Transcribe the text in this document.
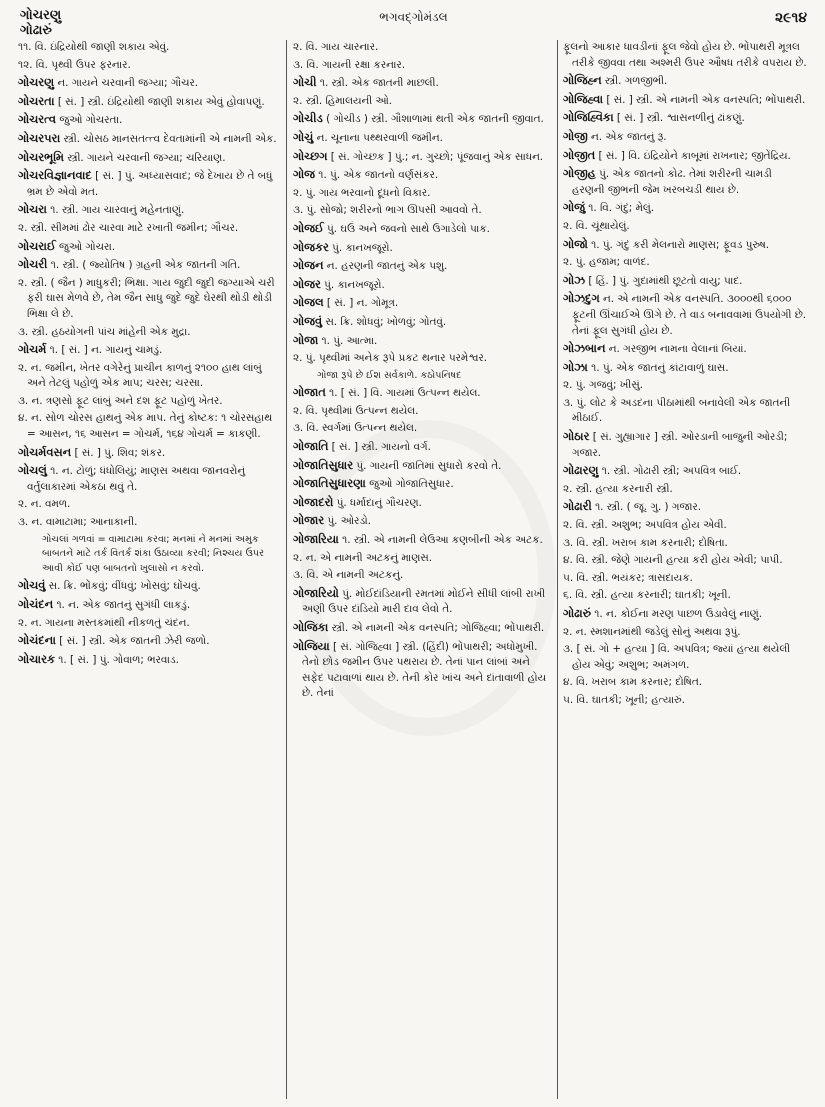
ગોચરણુ
ગોઢારું
ભગવદ્ગોમંડલ	૨૯૧૪
૧૧. વિ. ઇંદ્રિયોથી જાણી શકાય એવું.
૧૨. વિ. પૃથ્વી ઉપર ફરનાર.
ગોચરણુ ન. ગાયને ચરવાની જગ્યા; ગૌચર.
ગોચરતા [ સં. ] સ્ત્રી. ઇંદ્રિયોથી જાણી શકાય એવું હોવાપણું.
ગોચરત્વ જુઓ ગોચરતા.
ગોચરપરા સ્ત્રી. ચોસઠ માનસતત્ત્વ દેવતામાંની એ નામની એક.
ગોચરભૂમિ સ્ત્રી. ગાયને ચરવાની જગ્યા; ચરિયાણ.
ગોચરવિજ્ઞાનવાદ [ સં. ] પું. અધ્યાસવાદ; જે દેખાય છે તે બધું ભ્રમ છે એવો મત.
ગોચરા ૧. સ્ત્રી. ગાય ચારવાનું મહેનતાણું.
૨. સ્ત્રી. સીમમાં ઢોર ચારવા માટે રખાતી જમીન; ગૌચર.
ગોચરાઈ જુઓ ગોચરા.
ગોચરી ૧. સ્ત્રી. ( જ્યોતિષ ) ગ્રહની એક જાતની ગતિ.
૨. સ્ત્રી. ( જૈન ) માધુકરી; ભિક્ષા. ગાય જુદી જુદી જગ્યાએ ચરી ફરી ઘાસ મેળવે છે, તેમ જૈન સાધુ જુદે જુદે ઘેરથી થોડી થોડી ભિક્ષા લે છે.
૩. સ્ત્રી. હઠયોગની પાંચ માંહેની એક મુદ્રા.
ગોચર્મ ૧. [ સં. ] ન. ગાયનું ચામડું.
૨. ન. જમીન, ખેતર વગેરેનું પ્રાચીન કાળનું ૨૧૦૦ હાથ લાંબું અને તેટલું પહોળું એક માપ; ચરસ; ચરસા.
૩. ન. ત્રણસો ફૂટ લાંબું અને દશ ફૂટ પહોળું ખેતર.
૪. ન. સોળ ચોરસ હાથનું એક માપ. તેનું કોષ્ટક: ૧ ચોરસહાથ = આસન, ૧૬ આસન = ગોચર્મ, ૧૬૪ ગોચર્મ = કાકણી.
ગોચર્મવસન [ સં. ] પું. શિવ; શંકર.
ગોચલું ૧. ન. ટોળું; ધંધોલિયું; માણસ અથવા જાનવરોનું વર્તુલાકારમાં એકઠા થવું તે.
૨. ન. વમળ.
૩. ન. વામાટામા; આનાકાની.
ગોચલાં ગળવાં = વામાટામા કરવા; મનમાં ને મનમાં અમુક બાબતને માટે તર્ક વિતર્ક શંકા ઉઠાવ્યા કરવી; નિશ્ચય ઉપર આવી કોઈ પણ બાબતનો ખુલાસો ન કરવો.
ગોચવું સ. ક્રિ. ભોંકવું; વીંધવું; ખોસવું; ઘોંચવું.
ગોચંદન ૧. ન. એક જાતનું સુગંધી લાકડું.
૨. ન. ગાયના મસ્તકમાંથી નીકળતું ચંદન.
ગોચંદના [ સં. ] સ્ત્રી. એક જાતની ઝેરી જળો.
ગોચારક ૧. [ સં. ] પું. ગોવાળ; ભરવાડ.
૨. વિ. ગાય ચારનાર.
૩. વિ. ગાયની રક્ષા કરનાર.
ગોચી ૧. સ્ત્રી. એક જાતની માછલી.
૨. સ્ત્રી. હિમાલયની ઓ.
ગોચીડ ( ગોચીડ ) સ્ત્રી. ગૌશાળામાં થતી એક જાતની જીવાત.
ગોચું ન. ચૂનાના પથ્થરવાળી જમીન.
ગોચ્છગ [ સં. ગોચ્છક ] પું.; ન. ગુચ્છો; પૂંજવાનું એક સાધન.
ગોજ ૧. પું. એક જાતનો વર્ણસંકર.
૨. પું. ગાય ભરવાનો દૂધનો વિકાર.
૩. પું. સોજો; શરીરનો ભાગ ઊપસી આવવો તે.
ગોજઈ પું. ઘઉં અને જવનો સાથે ઉગાડેલો પાક.
ગોજકર પું. કાનખજૂરો.
ગોજન ન. હરણની જાતનું એક પશુ.
ગોજર પું. કાનખજૂરો.
ગોજલ [ સં. ] ન. ગોમૂત્ર.
ગોજવું સ. ક્રિ. શોધવું; ખોળવું; ગોતવું.
ગોજા ૧. પું. આત્મા.
૨. પું. પૃથ્વીમાં અનેક રૂપે પ્રકટ થનાર પરમેશ્વર.
ગોજા રૂપે છે ઈશ સર્વકાળે. કઠોપનિષદ
ગોજાત ૧. [ સં. ] વિ. ગાયમાં ઉત્પન્ન થયેલ.
૨. વિ. પૃથ્વીમાં ઉત્પન્ન થયેલ.
૩. વિ. સ્વર્ગમાં ઉત્પન્ન થયેલ.
ગોજાતિ [ સં. ] સ્ત્રી. ગાયનો વર્ગ.
ગોજાતિસુધાર પું. ગાયની જાતિમાં સુધારો કરવો તે.
ગોજાતિસુધારણા જુઓ ગોજાતિસુધાર.
ગોજાદરો પું. ધર્માદાનું ગૌચરણ.
ગોજાર પું. ઓરડો.
ગોજારિયા ૧. સ્ત્રી. એ નામની લેઉઆ કણબીની એક અટક.
૨. ન. એ નામની અટકનું માણસ.
૩. વિ. એ નામની અટકનું.
ગોજારિયો પું. મોઈદાંડિયાની રમતમાં મોઈને સીધી લાંબી રાખી અણી ઉપર દાંડિયો મારી દાવ લેવો તે.
ગોજિકા સ્ત્રી. એ નામની એક વનસ્પતિ; ગોજિહ્વા; ભોંપાથરી.
ગોજિયા [ સં. ગોજિહ્વા ] સ્ત્રી. (હિંદી) ભોંપાથરી; અધોમુખી. તેનો છોડ જમીન ઉપર પથરાય છે. તેનાં પાન લાંબાં અને સફેદ પટાવાળાં થાય છે. તેની કોર ખાંચ અને દાંતાવાળી હોય છે. તેનાં
ફૂલનો આકાર ધાવડીનાં ફૂલ જેવો હોય છે. ભોંપાથરી મૂત્રલ તરીકે જીવવા તથા અશ્મરી ઉપર ઔષધ તરીકે વપરાય છે.
ગોજિહ્ન સ્ત્રી. ગળજીભી.
ગોજિહ્વા [ સં. ] સ્ત્રી. એ નામની એક વનસ્પતિ; ભોંપાથરી.
ગોજિહ્વિકા [ સં. ] સ્ત્રી. શ્વાસનળીનું ઢાંકણું.
ગોજી ન. એક જાતનું રૂ.
ગોજીત [ સં. ] વિ. ઇંદ્રિયોને કાબૂમાં રાખનાર; જીતેંદ્રિય.
ગોજીહ પું. એક જાતનો કોઢ. તેમાં શરીરની ચામડી હરણની જીભની જેમ ખરબચડી થાય છે.
ગોજું ૧. વિ. ગંદું; મેલું.
૨. વિ. ચૂંથાયેલું.
ગોજો ૧. પું. ગંદું કરી મેલનારો માણસ; ફૂવડ પુરુષ.
૨. પું. હજામ; વાળંદ.
ગોઝ [ હિં. ] પું. ગુદામાંથી છૂટતો વાયુ; પાદ.
ગોઝદુગ ન. એ નામની એક વનસ્પતિ. ૩૦૦૦થી ૬૦૦૦ ફૂટની ઊંચાઈએ ઊગે છે. તે વાડ બનાવવામાં ઉપયોગી છે. તેનાં ફૂલ સુગંધી હોય છે.
ગોઝબાન ન. ગરજીભ નામના વેલાનાં બિયાં.
ગોઝા ૧. પું. એક જાતનું કાંટાવાળું ઘાસ.
૨. પું. ગજવું; ખીસું.
૩. પું. લોટ કે અડદના પીઠામાંથી બનાવેલી એક જાતની મીઠાઈ.
ગોઠાર [ સં. ગુહ્યાગાર ] સ્ત્રી. ઓરડાની બાજુની ઓરડી; ગજાર.
ગોઢારણુ ૧. સ્ત્રી. ગોઢારી સ્ત્રી; અપવિત્ર બાઈ.
૨. સ્ત્રી. હત્યા કરનારી સ્ત્રી.
ગોઢારી ૧. સ્ત્રી. ( જૂ. ગુ. ) ગજાર.
૨. વિ. સ્ત્રી. અશુભ; અપવિત્ર હોય એવી.
૩. વિ. સ્ત્રી. ખરાબ કામ કરનારી; દોષિતા.
૪. વિ. સ્ત્રી. જેણે ગાયની હત્યા કરી હોય એવી; પાપી.
૫. વિ. સ્ત્રી. ભયંકર; ત્રાસદાયક.
૬. વિ. સ્ત્રી. હત્યા કરનારી; ઘાતકી; ખૂની.
ગોઢારું ૧. ન. કોઈના મરણ પાછળ ઉડાવેલું નાણું.
૨. ન. સ્મશાનમાંથી જડેલું સોનું અથવા રૂપું.
૩. [ સં. ગો + હત્યા ] વિ. અપવિત્ર; જ્યાં હત્યા થયેલી હોય એવું; અશુભ; અમંગળ.
૪. વિ. ખરાબ કામ કરનાર; દોષિત.
૫. વિ. ઘાતકી; ખૂની; હત્યારું.
